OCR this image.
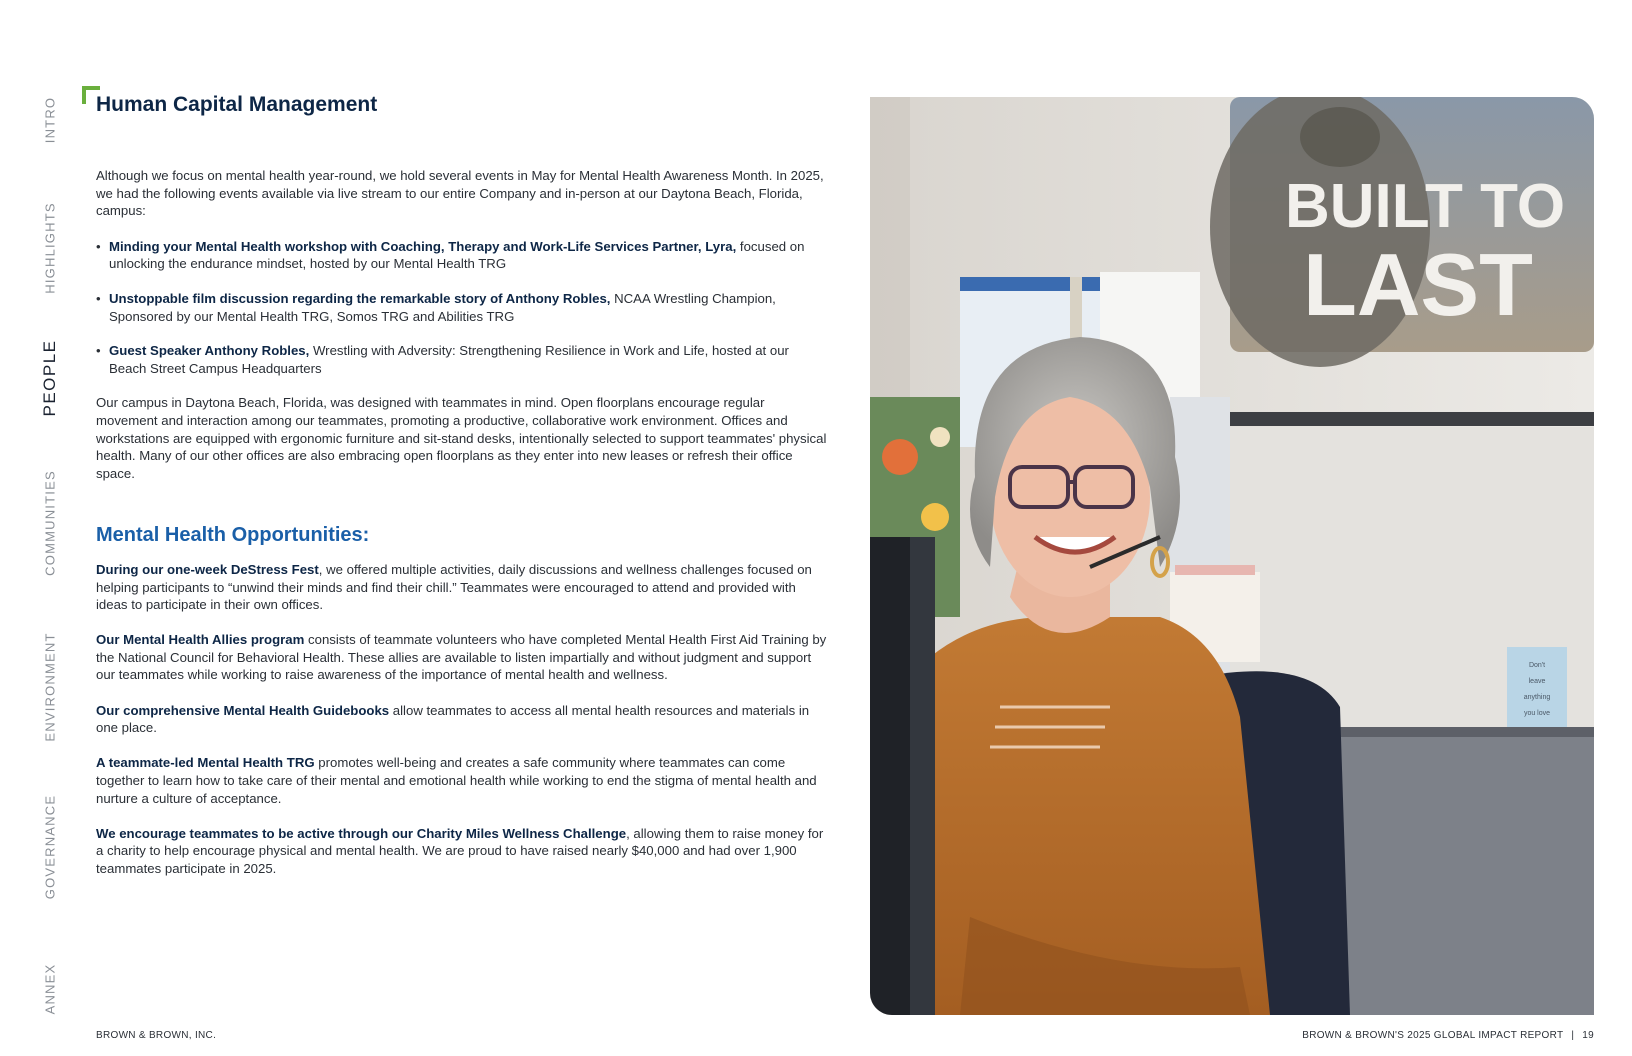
INTRO
HIGHLIGHTS
PEOPLE
COMMUNITIES
ENVIRONMENT
GOVERNANCE
ANNEX
Human Capital Management

Although we focus on mental health year-round, we hold several events in May for Mental Health Awareness Month. In 2025, we had the following events available via live stream to our entire Company and in-person at our Daytona Beach, Florida, campus:

• Minding your Mental Health workshop with Coaching, Therapy and Work-Life Services Partner, Lyra, focused on unlocking the endurance mindset, hosted by our Mental Health TRG
• Unstoppable film discussion regarding the remarkable story of Anthony Robles, NCAA Wrestling Champion, Sponsored by our Mental Health TRG, Somos TRG and Abilities TRG
• Guest Speaker Anthony Robles, Wrestling with Adversity: Strengthening Resilience in Work and Life, hosted at our Beach Street Campus Headquarters

Our campus in Daytona Beach, Florida, was designed with teammates in mind. Open floorplans encourage regular movement and interaction among our teammates, promoting a productive, collaborative work environment. Offices and workstations are equipped with ergonomic furniture and sit-stand desks, intentionally selected to support teammates' physical health. Many of our other offices are also embracing open floorplans as they enter into new leases or refresh their office space.

Mental Health Opportunities:

During our one-week DeStress Fest, we offered multiple activities, daily discussions and wellness challenges focused on helping participants to “unwind their minds and find their chill.” Teammates were encouraged to attend and provided with ideas to participate in their own offices.

Our Mental Health Allies program consists of teammate volunteers who have completed Mental Health First Aid Training by the National Council for Behavioral Health. These allies are available to listen impartially and without judgment and support our teammates while working to raise awareness of the importance of mental health and wellness.

Our comprehensive Mental Health Guidebooks allow teammates to access all mental health resources and materials in one place.

A teammate-led Mental Health TRG promotes well-being and creates a safe community where teammates can come together to learn how to take care of their mental and emotional health while working to end the stigma of mental health and nurture a culture of acceptance.

We encourage teammates to be active through our Charity Miles Wellness Challenge, allowing them to raise money for a charity to help encourage physical and mental health. We are proud to have raised nearly $40,000 and had over 1,900 teammates participate in 2025.

BUILT TO
LAST
Don't
leave
anything
you love
BROWN & BROWN, INC.	BROWN & BROWN'S 2025 GLOBAL IMPACT REPORT | 19
